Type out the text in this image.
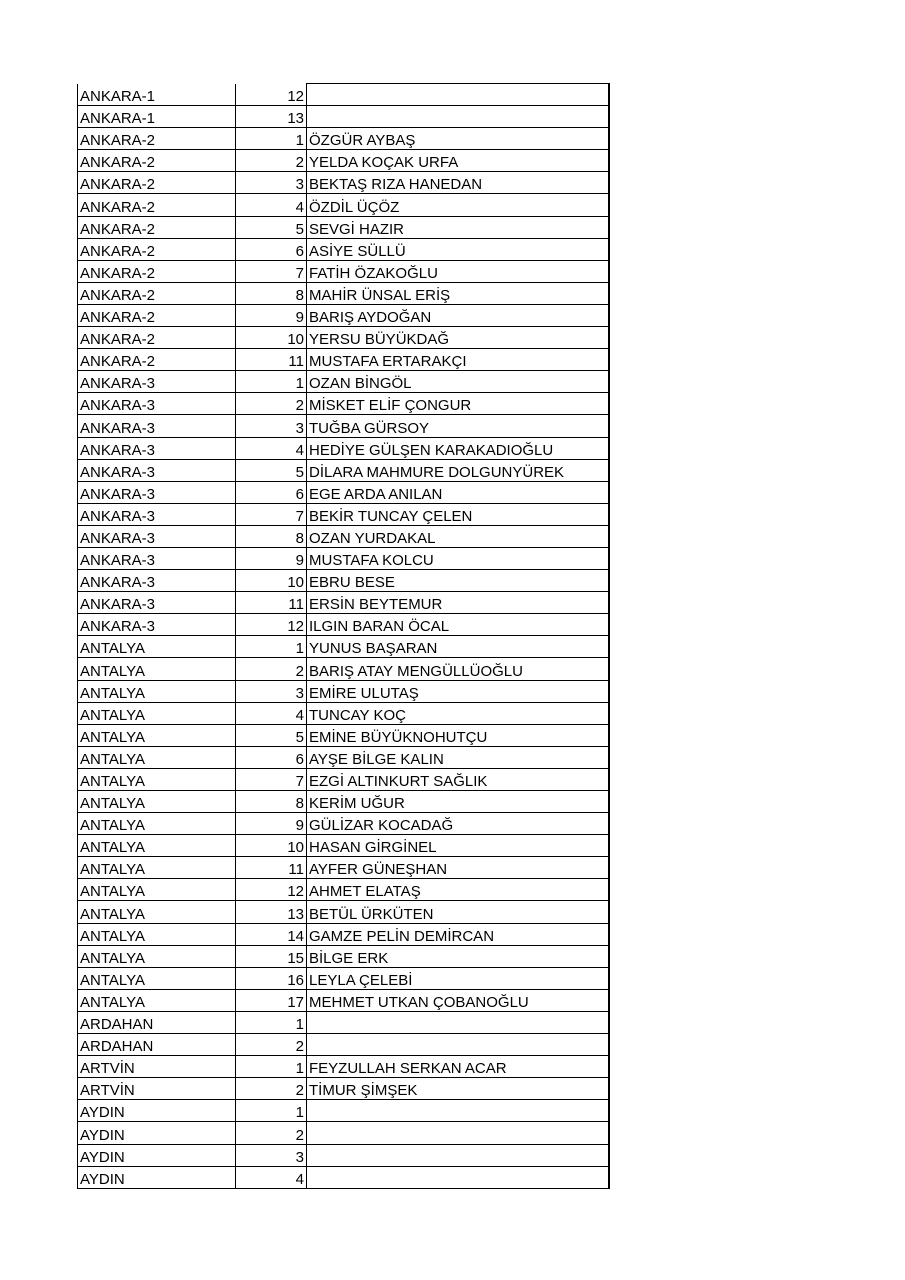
ANKARA-1	12	
ANKARA-1	13	
ANKARA-2	1	ÖZGÜR AYBAŞ
ANKARA-2	2	YELDA KOÇAK URFA
ANKARA-2	3	BEKTAŞ RIZA HANEDAN
ANKARA-2	4	ÖZDİL ÜÇÖZ
ANKARA-2	5	SEVGİ HAZIR
ANKARA-2	6	ASİYE SÜLLÜ
ANKARA-2	7	FATİH ÖZAKOĞLU
ANKARA-2	8	MAHİR ÜNSAL ERİŞ
ANKARA-2	9	BARIŞ AYDOĞAN
ANKARA-2	10	YERSU BÜYÜKDAĞ
ANKARA-2	11	MUSTAFA ERTARAKÇI
ANKARA-3	1	OZAN BİNGÖL
ANKARA-3	2	MİSKET ELİF ÇONGUR
ANKARA-3	3	TUĞBA GÜRSOY
ANKARA-3	4	HEDİYE GÜLŞEN KARAKADIOĞLU
ANKARA-3	5	DİLARA MAHMURE DOLGUNYÜREK
ANKARA-3	6	EGE ARDA ANILAN
ANKARA-3	7	BEKİR TUNCAY ÇELEN
ANKARA-3	8	OZAN YURDAKAL
ANKARA-3	9	MUSTAFA KOLCU
ANKARA-3	10	EBRU BESE
ANKARA-3	11	ERSİN BEYTEMUR
ANKARA-3	12	ILGIN BARAN ÖCAL
ANTALYA	1	YUNUS BAŞARAN
ANTALYA	2	BARIŞ ATAY MENGÜLLÜOĞLU
ANTALYA	3	EMİRE ULUTAŞ
ANTALYA	4	TUNCAY KOÇ
ANTALYA	5	EMİNE BÜYÜKNOHUTÇU
ANTALYA	6	AYŞE BİLGE KALIN
ANTALYA	7	EZGİ ALTINKURT SAĞLIK
ANTALYA	8	KERİM UĞUR
ANTALYA	9	GÜLİZAR KOCADAĞ
ANTALYA	10	HASAN GİRGİNEL
ANTALYA	11	AYFER GÜNEŞHAN
ANTALYA	12	AHMET ELATAŞ
ANTALYA	13	BETÜL ÜRKÜTEN
ANTALYA	14	GAMZE PELİN DEMİRCAN
ANTALYA	15	BİLGE ERK
ANTALYA	16	LEYLA ÇELEBİ
ANTALYA	17	MEHMET UTKAN ÇOBANOĞLU
ARDAHAN	1	
ARDAHAN	2	
ARTVİN	1	FEYZULLAH SERKAN ACAR
ARTVİN	2	TİMUR ŞİMŞEK
AYDIN	1	
AYDIN	2	
AYDIN	3	
AYDIN	4	
